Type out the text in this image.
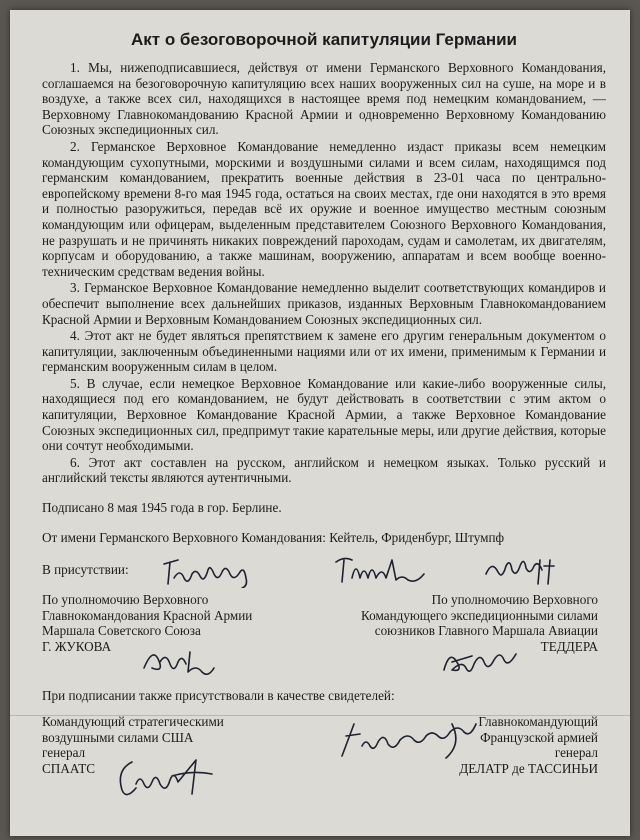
Акт о безоговорочной капитуляции Германии

1. Мы, нижеподписавшиеся, действуя от имени Германского Верховного Командования, соглашаемся на безоговорочную капитуляцию всех наших вооруженных сил на суше, на море и в воздухе, а также всех сил, находящихся в настоящее время под немецким командованием, — Верховному Главнокомандованию Красной Армии и одновременно Верховному Командованию Союзных экспедиционных сил.

2. Германское Верховное Командование немедленно издаст приказы всем немецким командующим сухопутными, морскими и воздушными силами и всем силам, находящимся под германским командованием, прекратить военные действия в 23-01 часа по центрально-европейскому времени 8-го мая 1945 года, остаться на своих местах, где они находятся в это время и полностью разоружиться, передав всё их оружие и военное имущество местным союзным командующим или офицерам, выделенным представителем Союзного Верховного Командования, не разрушать и не причинять никаких повреждений пароходам, судам и самолетам, их двигателям, корпусам и оборудованию, а также машинам, вооружению, аппаратам и всем вообще военно-техническим средствам ведения войны.

3. Германское Верховное Командование немедленно выделит соответствующих командиров и обеспечит выполнение всех дальнейших приказов, изданных Верховным Главнокомандованием Красной Армии и Верховным Командованием Союзных экспедиционных сил.

4. Этот акт не будет являться препятствием к замене его другим генеральным документом о капитуляции, заключенным объединенными нациями или от их имени, применимым к Германии и германским вооруженным силам в целом.

5. В случае, если немецкое Верховное Командование или какие-либо вооруженные силы, находящиеся под его командованием, не будут действовать в соответствии с этим актом о капитуляции, Верховное Командование Красной Армии, а также Верховное Командование Союзных экспедиционных сил, предпримут такие карательные меры, или другие действия, которые они сочтут необходимыми.

6. Этот акт составлен на русском, английском и немецком языках. Только русский и английский тексты являются аутентичными.

Подписано 8 мая 1945 года в гор. Берлине.

От имени Германского Верховного Командования: Кейтель, Фриденбург, Штумпф

В присутствии:
По уполномочию Верховного
Главнокомандования Красной Армии
Маршала Советского Союза
Г. ЖУКОВА
По уполномочию Верховного
Командующего экспедиционными силами
союзников Главного Маршала Авиации
ТЕДДЕРА

При подписании также присутствовали в качестве свидетелей:

Командующий стратегическими
воздушными силами США
генерал
СПААТС
Главнокомандующий
Французской армией
генерал
ДЕЛАТР де ТАССИНЬИ
